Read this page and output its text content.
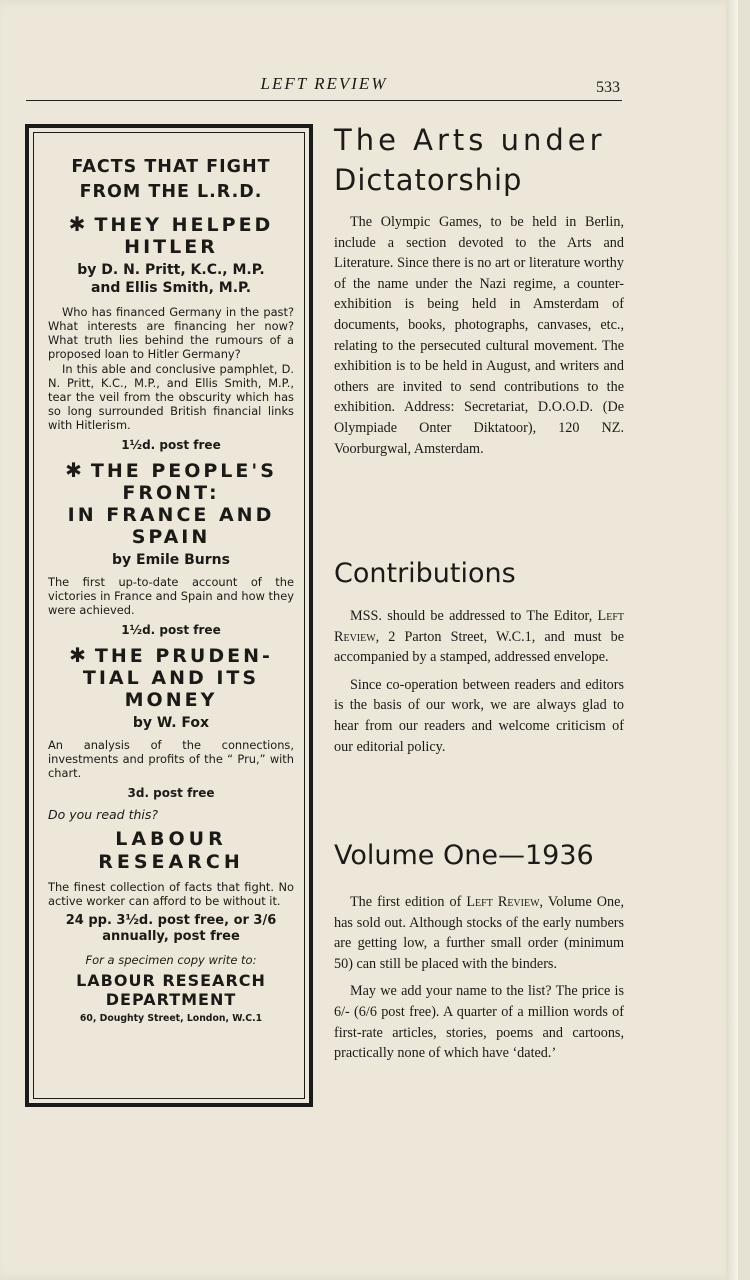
LEFT REVIEW	533
FACTS THAT FIGHT
FROM THE L.R.D.
✱ THEY HELPED
HITLER
by D. N. Pritt, K.C., M.P.
and Ellis Smith, M.P.
Who has financed Germany in the past? What interests are financing her now? What truth lies behind the rumours of a proposed loan to Hitler Germany?
In this able and conclusive pamphlet, D. N. Pritt, K.C., M.P., and Ellis Smith, M.P., tear the veil from the obscurity which has so long surrounded British financial links with Hitlerism.
1½d. post free
✱ THE PEOPLE'S
FRONT:
IN FRANCE AND
SPAIN
by Emile Burns
The first up-to-date account of the victories in France and Spain and how they were achieved.
1½d. post free
✱ THE PRUDEN-
TIAL AND ITS
MONEY
by W. Fox
An analysis of the connections, investments and profits of the “ Pru,” with chart.
3d. post free
Do you read this?
LABOUR
RESEARCH
The finest collection of facts that fight. No active worker can afford to be without it.
24 pp. 3½d. post free, or 3/6
annually, post free
For a specimen copy write to:
LABOUR RESEARCH
DEPARTMENT
60, Doughty Street, London, W.C.1
The Arts under
Dictatorship

The Olympic Games, to be held in Berlin, include a section devoted to the Arts and Literature. Since there is no art or literature worthy of the name under the Nazi regime, a counter-exhibition is being held in Amsterdam of documents, books, photographs, canvases, etc., relating to the persecuted cultural movement. The exhibition is to be held in August, and writers and others are invited to send contributions to the exhibition. Address: Secretariat, D.O.O.D. (De Olympiade Onter Diktatoor), 120 NZ. Voorburgwal, Amsterdam.

Contributions

MSS. should be addressed to The Editor, Left Review, 2 Parton Street, W.C.1, and must be accompanied by a stamped, addressed envelope.

Since co-operation between readers and editors is the basis of our work, we are always glad to hear from our readers and welcome criticism of our editorial policy.

Volume One—1936

The first edition of Left Review, Volume One, has sold out. Although stocks of the early numbers are getting low, a further small order (minimum 50) can still be placed with the binders.

May we add your name to the list? The price is 6/- (6/6 post free). A quarter of a million words of first-rate articles, stories, poems and cartoons, practically none of which have ‘dated.’
